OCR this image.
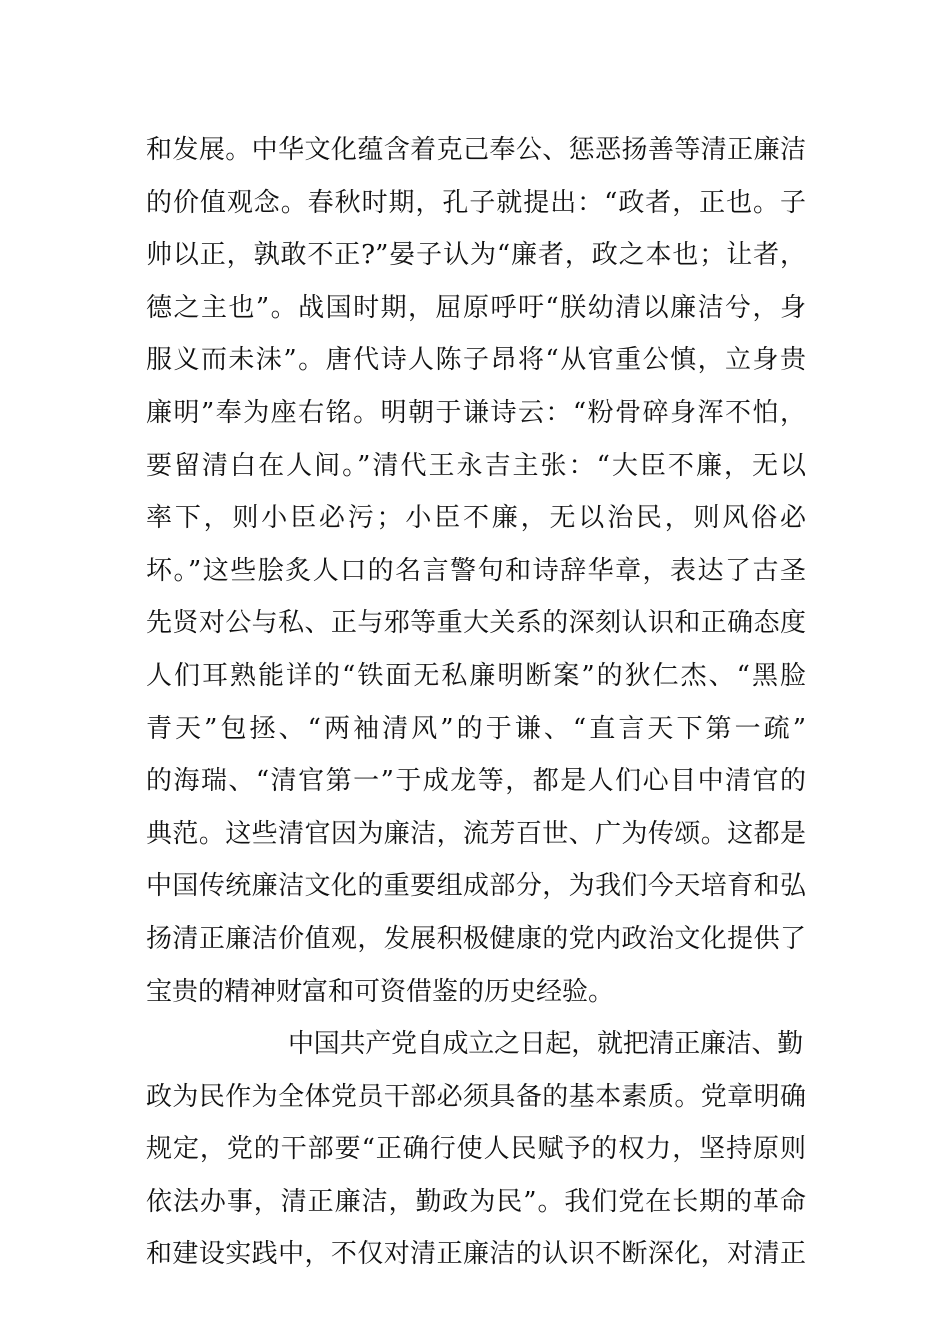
和发展。中华文化蕴含着克己奉公、惩恶扬善等清正廉洁
的价值观念。春秋时期，孔子就提出：“政者，正也。子
帅以正，孰敢不正?”晏子认为“廉者，政之本也；让者，
德之主也”。战国时期，屈原呼吁“朕幼清以廉洁兮，身
服义而未沬”。唐代诗人陈子昂将“从官重公慎，立身贵
廉明”奉为座右铭。明朝于谦诗云：“粉骨碎身浑不怕，
要留清白在人间。”清代王永吉主张：“大臣不廉，无以
率下，则小臣必污；小臣不廉，无以治民，则风俗必
坏。”这些脍炙人口的名言警句和诗辞华章，表达了古圣
先贤对公与私、正与邪等重大关系的深刻认识和正确态度
人们耳熟能详的“铁面无私廉明断案”的狄仁杰、“黑脸
青天”包拯、“两袖清风”的于谦、“直言天下第一疏”
的海瑞、“清官第一”于成龙等，都是人们心目中清官的
典范。这些清官因为廉洁，流芳百世、广为传颂。这都是
中国传统廉洁文化的重要组成部分，为我们今天培育和弘
扬清正廉洁价值观，发展积极健康的党内政治文化提供了
宝贵的精神财富和可资借鉴的历史经验。
中国共产党自成立之日起，就把清正廉洁、勤
政为民作为全体党员干部必须具备的基本素质。党章明确
规定，党的干部要“正确行使人民赋予的权力，坚持原则
依法办事，清正廉洁，勤政为民”。我们党在长期的革命
和建设实践中，不仅对清正廉洁的认识不断深化，对清正
